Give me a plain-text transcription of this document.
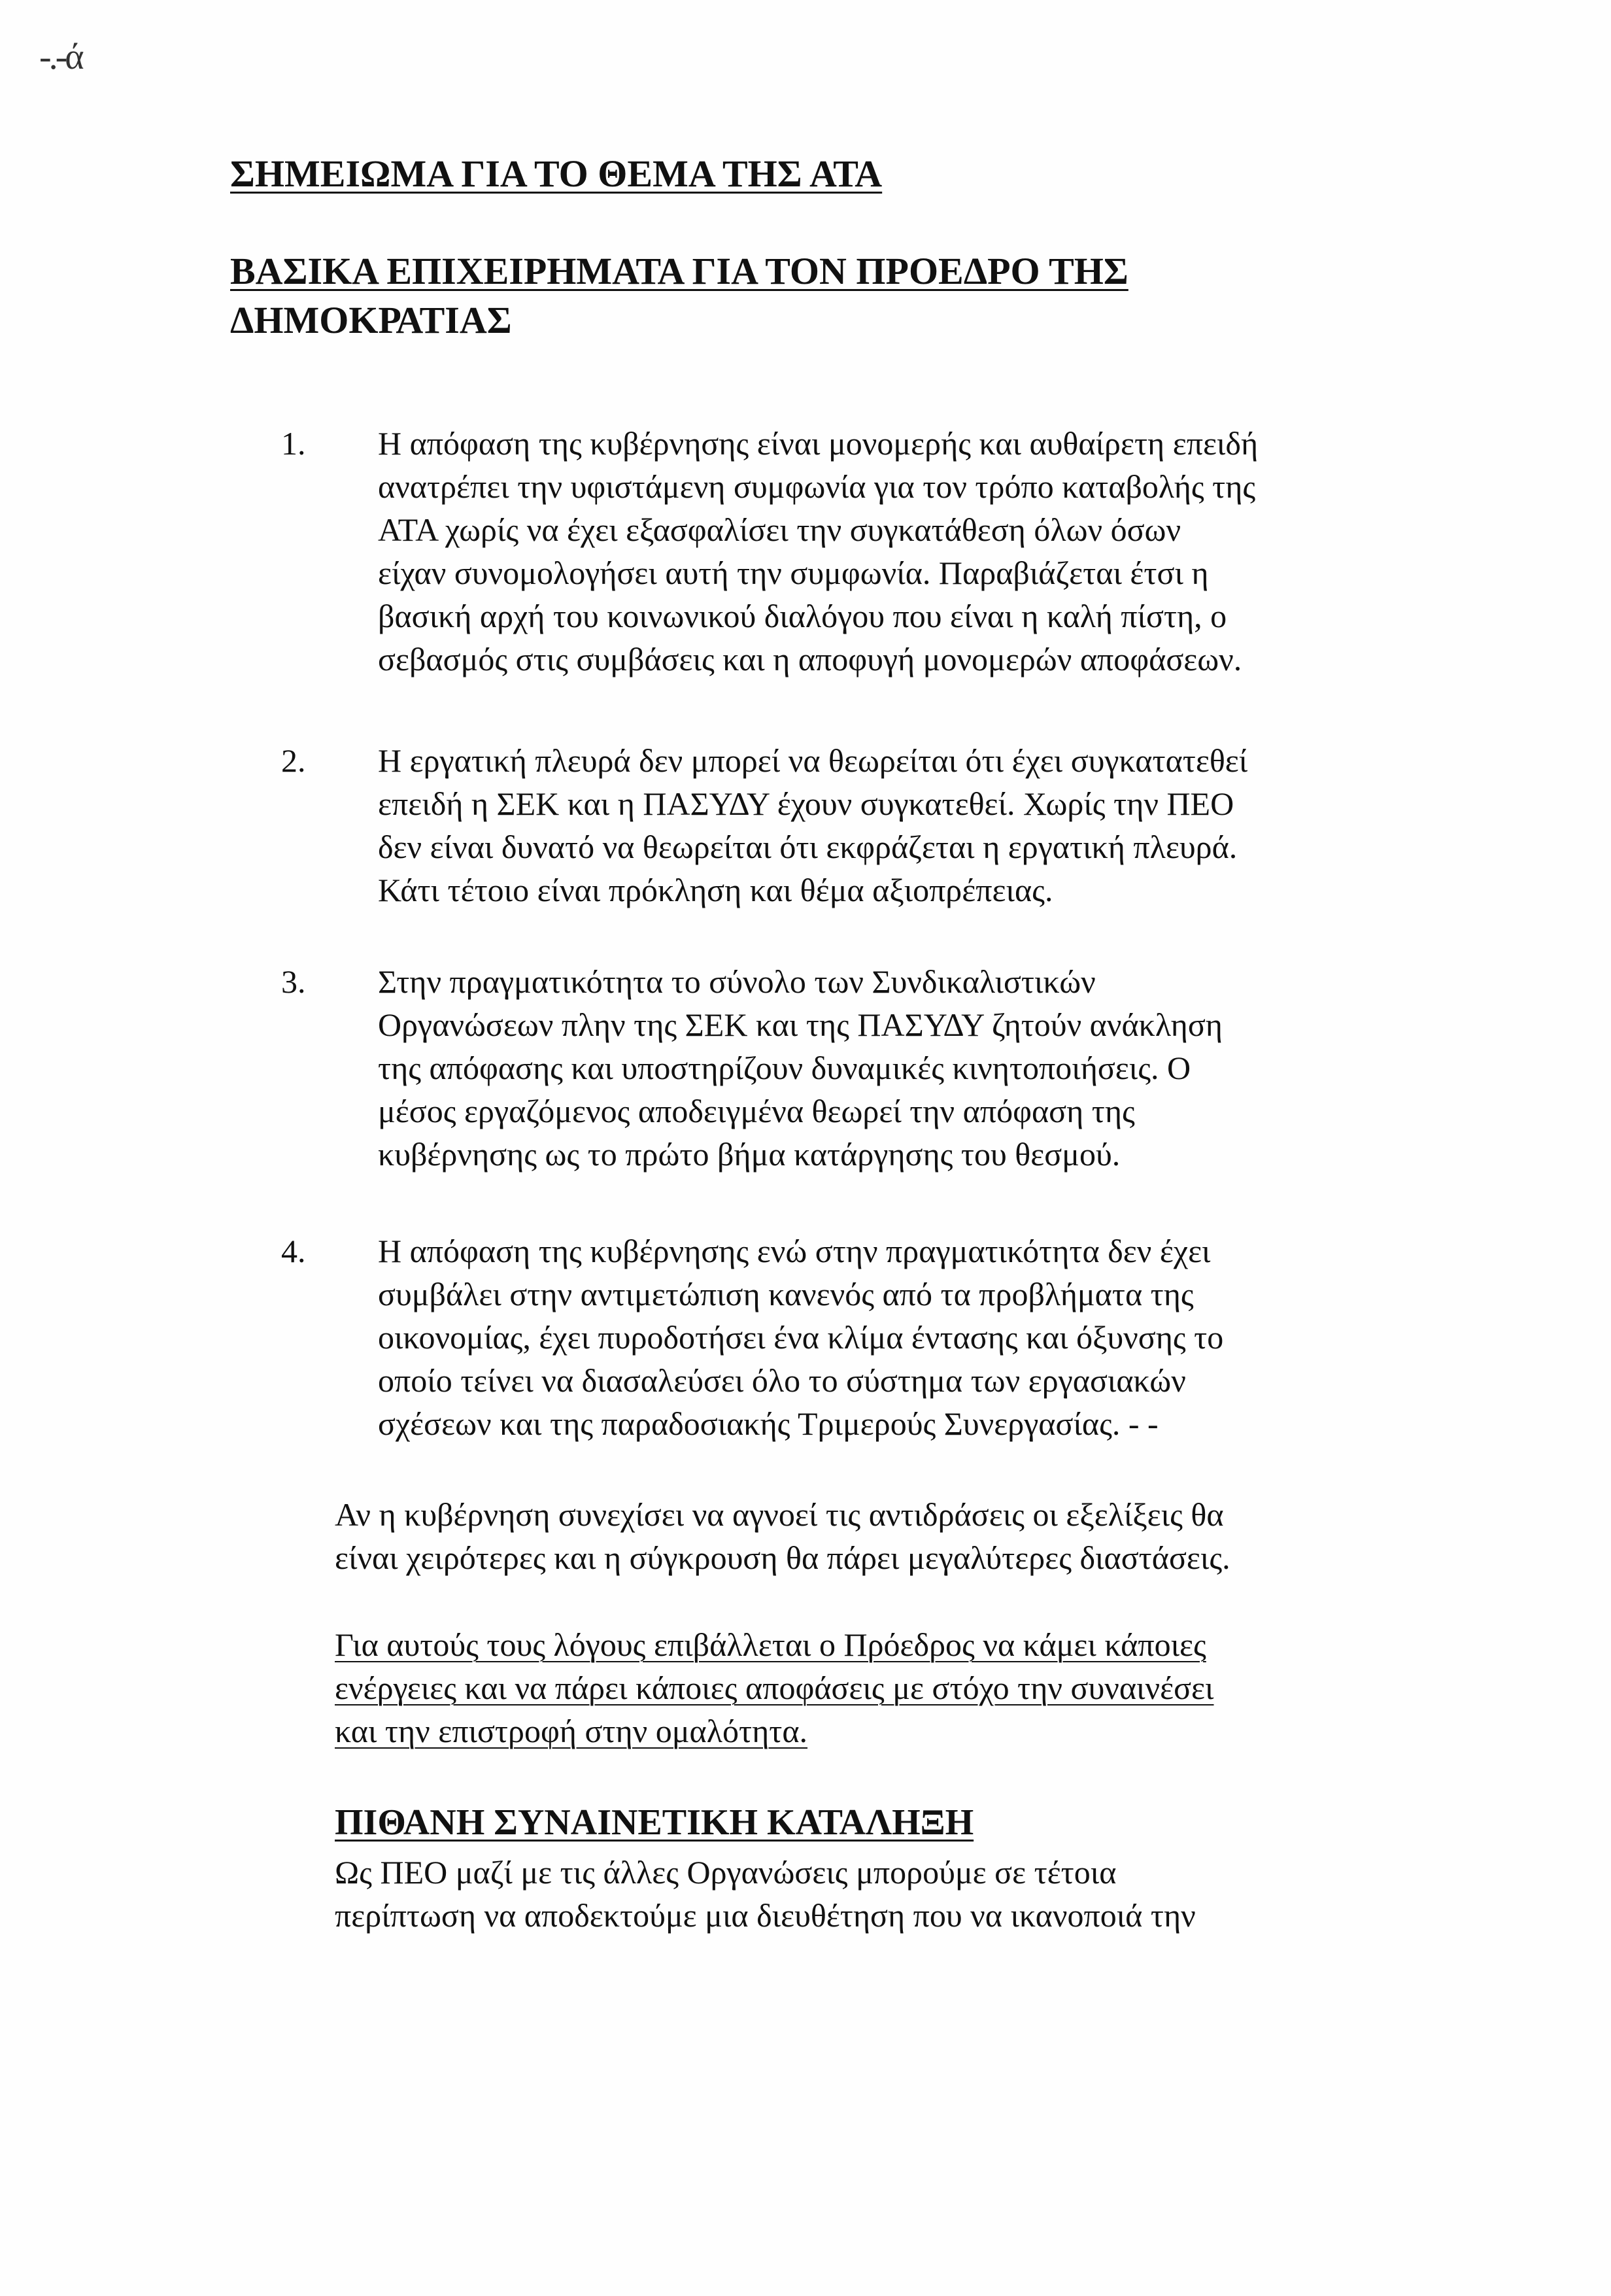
-.-ά
ΣΗΜΕΙΩΜΑ ΓΙΑ ΤΟ ΘΕΜΑ ΤΗΣ ΑΤΑ
ΒΑΣΙΚΑ ΕΠΙΧΕΙΡΗΜΑΤΑ ΓΙΑ ΤΟΝ ΠΡΟΕΔΡΟ ΤΗΣ
ΔΗΜΟΚΡΑΤΙΑΣ
1.	Η απόφαση της κυβέρνησης είναι μονομερής και αυθαίρετη επειδή
ανατρέπει την υφιστάμενη συμφωνία για τον τρόπο καταβολής της
ΑΤΑ χωρίς να έχει εξασφαλίσει την συγκατάθεση όλων όσων
είχαν συνομολογήσει αυτή την συμφωνία. Παραβιάζεται έτσι η
βασική αρχή του κοινωνικού διαλόγου που είναι η καλή πίστη, ο
σεβασμός στις συμβάσεις και η αποφυγή μονομερών αποφάσεων.
2.	Η εργατική πλευρά δεν μπορεί να θεωρείται ότι έχει συγκατατεθεί
επειδή η ΣΕΚ και η ΠΑΣΥΔΥ έχουν συγκατεθεί. Χωρίς την ΠΕΟ
δεν είναι δυνατό να θεωρείται ότι εκφράζεται η εργατική πλευρά.
Κάτι τέτοιο είναι πρόκληση και θέμα αξιοπρέπειας.
3.	Στην πραγματικότητα το σύνολο των Συνδικαλιστικών
Οργανώσεων πλην της ΣΕΚ και της ΠΑΣΥΔΥ ζητούν ανάκληση
της απόφασης και υποστηρίζουν δυναμικές κινητοποιήσεις. Ο
μέσος εργαζόμενος αποδειγμένα θεωρεί την απόφαση της
κυβέρνησης ως το πρώτο βήμα κατάργησης του θεσμού.
4.	Η απόφαση της κυβέρνησης ενώ στην πραγματικότητα δεν έχει
συμβάλει στην αντιμετώπιση κανενός από τα προβλήματα της
οικονομίας, έχει πυροδοτήσει ένα κλίμα έντασης και όξυνσης το
οποίο τείνει να διασαλεύσει όλο το σύστημα των εργασιακών
σχέσεων και της παραδοσιακής Τριμερούς Συνεργασίας. - -
Αν η κυβέρνηση συνεχίσει να αγνοεί τις αντιδράσεις οι εξελίξεις θα
είναι χειρότερες και η σύγκρουση θα πάρει μεγαλύτερες διαστάσεις.
Για αυτούς τους λόγους επιβάλλεται ο Πρόεδρος να κάμει κάποιες
ενέργειες και να πάρει κάποιες αποφάσεις με στόχο την συναινέσει
και την επιστροφή στην ομαλότητα.
ΠΙΘΑΝΗ ΣΥΝΑΙΝΕΤΙΚΗ ΚΑΤΑΛΗΞΗ
Ως ΠΕΟ μαζί με τις άλλες Οργανώσεις μπορούμε σε τέτοια
περίπτωση να αποδεκτούμε μια διευθέτηση που να ικανοποιά την
